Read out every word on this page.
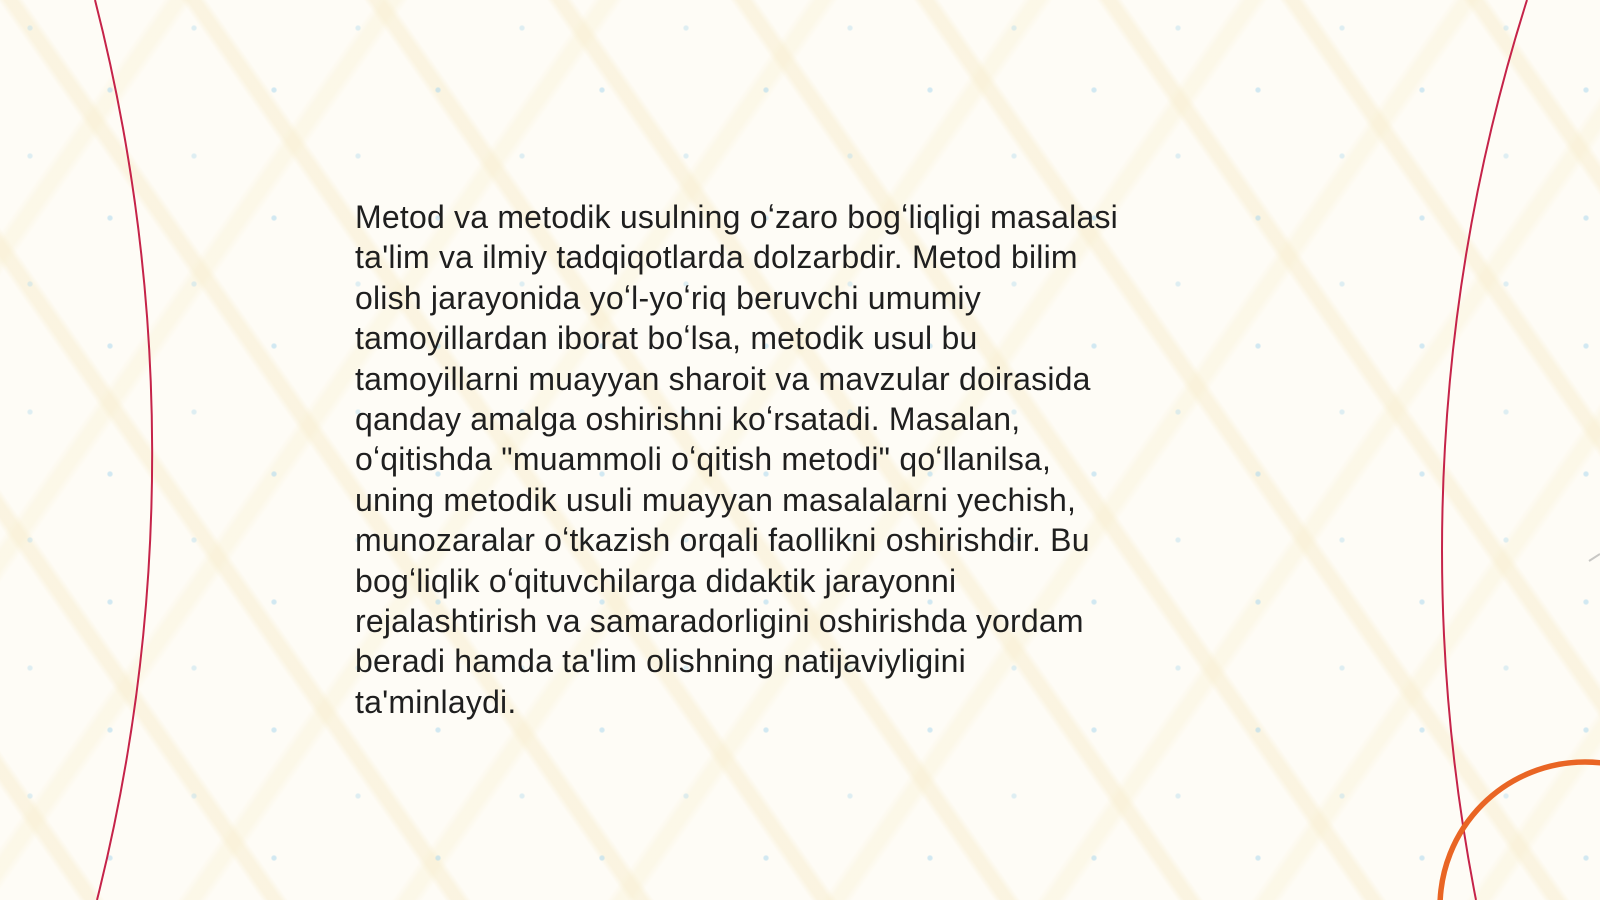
Metod va metodik usulning oʻzaro bogʻliqligi masalasi
ta'lim va ilmiy tadqiqotlarda dolzarbdir. Metod bilim
olish jarayonida yoʻl-yoʻriq beruvchi umumiy
tamoyillardan iborat boʻlsa, metodik usul bu
tamoyillarni muayyan sharoit va mavzular doirasida
qanday amalga oshirishni koʻrsatadi. Masalan,
oʻqitishda "muammoli oʻqitish metodi" qoʻllanilsa,
uning metodik usuli muayyan masalalarni yechish,
munozaralar oʻtkazish orqali faollikni oshirishdir. Bu
bogʻliqlik oʻqituvchilarga didaktik jarayonni
rejalashtirish va samaradorligini oshirishda yordam
beradi hamda ta'lim olishning natijaviyligini
ta'minlaydi.
